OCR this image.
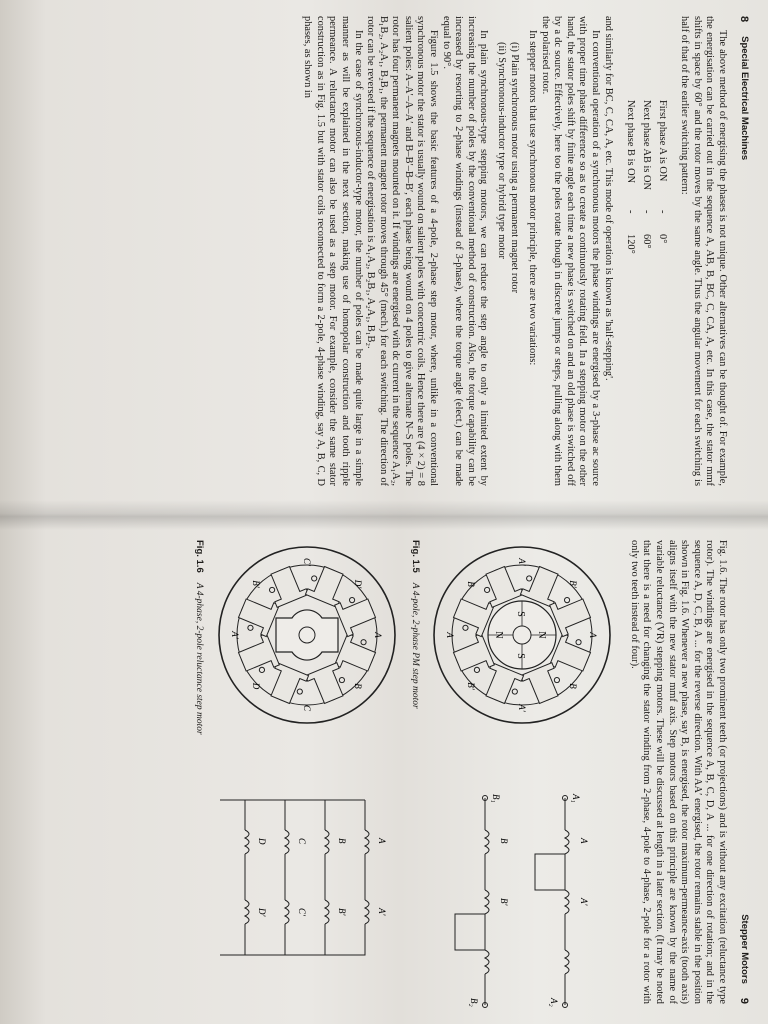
8
Special Electrical Machines

The above method of energising the phases is not unique. Other alternatives can be thought of. For example, the energisation can be carried out in the sequence A, AB, B, BC, C, CA, A, etc. In this case, the stator mmf shifts in space by 60° and the rotor moves by the same angle. Thus the angular movement for each switching is half of that of the earlier switching pattern:

First phase A is ON
-
0°
Next phase AB is ON
-
60°
Next phase B is ON
-
120°

and similarly for BC, C, CA, A, etc. This mode of operation is known as 'half-stepping'.

In conventional operation of a synchronous motors the phase windings are energised by a 3-phase ac source with proper time phase difference so as to create a continuously rotating field. In a stepping motor on the other hand, the stator poles shift by finite angle each time a new phase is switched on and an old phase is switched off by a dc source. Effectively, here too the poles rotate though in discrete jumps or steps, pulling along with them the polarised rotor.

In stepper motors that use synchronous motor principle, there are two variations:

(i) Plain synchronous motor using a permanent magnet rotor
(ii) Synchronous-inductor type or hybrid type motor

In plain synchronous-type stepping motors, we can reduce the step angle to only a limited extent by increasing the number of poles by the conventional method of construction. Also, the torque capability can be increased by resorting to 2-phase windings (instead of 3-phase), where the torque angle (elect.) can be made equal to 90°.

Figure 1.5 shows the basic features of a 4-pole, 2-phase step motor, where, unlike in a conventional synchronous motor the stator is usually wound on salient poles with concentric coils. Hence there are (4 × 2) = 8 salient poles: A–A′–A–A′ and B–B′–B–B′, each phase being wound on 4 poles to give alternate N–S poles. The rotor has four permanent magnets mounted on it. If windings are energised with dc current in the sequence A₁A₂, B₁B₂, A₂A₁, B₂B₁, the permanent magnet rotor moves through 45° (mech.) for each switching. The direction of rotor can be reversed if the sequence of energisation is A₁A₂, B₂B₁, A₂A₁, B₁B₂.

In the case of synchronous-inductor-type motor, the number of poles can be made quite large in a simple manner as will be explained in the next section, making use of homopolar construction and tooth ripple permeance. A reluctance motor can also be used as a step motor. For example, consider the same stator construction as in Fig. 1.5 but with stator coils reconnected to form a 2-pole, 4-phase winding, say A, B, C, D phases, as shown in

Stepper Motors
9

Fig. 1.6. The rotor has only two prominent teeth (or projections) and is without any excitation (reluctance type rotor). The windings are energised in the sequence A, B, C, D, A ... for one direction of rotation; and in the sequence A, D, C, B, A ... for the reverse direction. With AA′ energised, the rotor remains stable in the position shown in Fig. 1.6. Whenever a new phase, say B, is energised, the rotor maximum-permeance-axis (tooth axis) aligns itself with the new stator mmf axis. Step motors based on this principle are known by the name of variable reluctance (VR) stepping motors. These will be discussed at length in a later section. (It may be noted that there is a need for changing the stator winding from 2-phase, 4-pole to 4-phase, 2-pole for a rotor with only two teeth instead of four).

N
S
N
S
A
B
A′
B′
A
B
A′
B′
A₁
A₂
B₁
B₂
A
A′
B
B′
Fig. 1.5A 4-pole, 2-phase PM step motor
A
B
C
D
A′
B′
C′
D′
A
A′
B
B′
C
C′
D
D′
Fig. 1.6A 4-phase, 2-pole reluctance step motor
